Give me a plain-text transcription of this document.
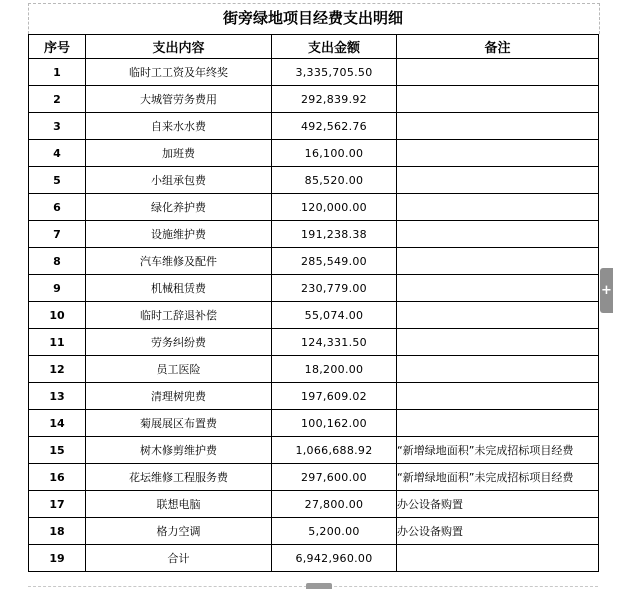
街旁绿地项目经费支出明细
序号	支出内容	支出金额	备注
1	临时工工资及年终奖	3,335,705.50	
2	大城管劳务费用	292,839.92	
3	自来水水费	492,562.76	
4	加班费	16,100.00	
5	小组承包费	85,520.00	
6	绿化养护费	120,000.00	
7	设施维护费	191,238.38	
8	汽车维修及配件	285,549.00	
9	机械租赁费	230,779.00	
10	临时工辞退补偿	55,074.00	
11	劳务纠纷费	124,331.50	
12	员工医险	18,200.00	
13	清理树兜费	197,609.02	
14	菊展展区布置费	100,162.00	
15	树木修剪维护费	1,066,688.92	“新增绿地面积”未完成招标项目经费
16	花坛维修工程服务费	297,600.00	“新增绿地面积”未完成招标项目经费
17	联想电脑	27,800.00	办公设备购置
18	格力空调	5,200.00	办公设备购置
19	合计	6,942,960.00	
+
